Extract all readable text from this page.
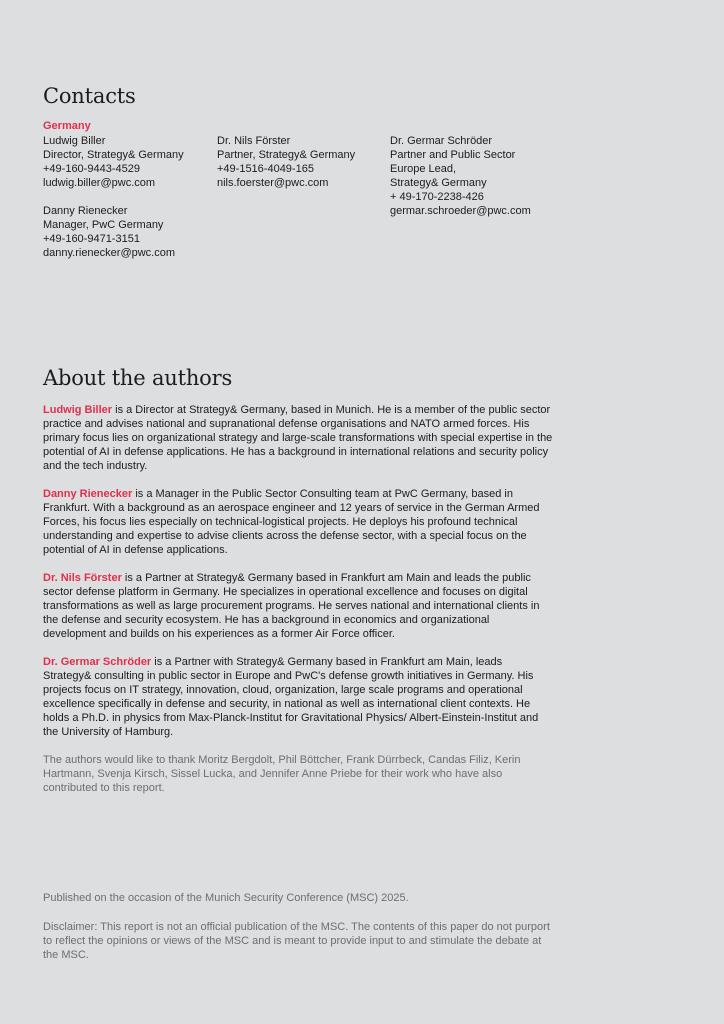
Contacts
Germany
Ludwig Biller
Director, Strategy& Germany
+49-160-9443-4529
ludwig.biller@pwc.com
Danny Rienecker
Manager, PwC Germany
+49-160-9471-3151
danny.rienecker@pwc.com
Dr. Nils Förster
Partner, Strategy& Germany
+49-1516-4049-165
nils.foerster@pwc.com
Dr. Germar Schröder
Partner and Public Sector
Europe Lead,
Strategy& Germany
+ 49-170-2238-426
germar.schroeder@pwc.com
About the authors

Ludwig Biller is a Director at Strategy& Germany, based in Munich. He is a member of the public sector practice and advises national and supranational defense organisations and NATO armed forces. His primary focus lies on organizational strategy and large-scale transformations with special expertise in the potential of AI in defense applications. He has a background in international relations and security policy and the tech industry.

Danny Rienecker is a Manager in the Public Sector Consulting team at PwC Germany, based in Frankfurt. With a background as an aerospace engineer and 12 years of service in the German Armed Forces, his focus lies especially on technical-logistical projects. He deploys his profound technical understanding and expertise to advise clients across the defense sector, with a special focus on the potential of AI in defense applications.

Dr. Nils Förster is a Partner at Strategy& Germany based in Frankfurt am Main and leads the public sector defense platform in Germany. He specializes in operational excellence and focuses on digital transformations as well as large procurement programs. He serves national and international clients in the defense and security ecosystem. He has a background in economics and organizational development and builds on his experiences as a former Air Force officer.

Dr. Germar Schröder is a Partner with Strategy& Germany based in Frankfurt am Main, leads Strategy& consulting in public sector in Europe and PwC's defense growth initiatives in Germany. His projects focus on IT strategy, innovation, cloud, organization, large scale programs and operational excellence specifically in defense and security, in national as well as international client contexts. He holds a Ph.D. in physics from Max-Planck-Institut for Gravitational Physics/ Albert-Einstein-Institut and the University of Hamburg.

The authors would like to thank Moritz Bergdolt, Phil Böttcher, Frank Dürrbeck, Candas Filiz, Kerin Hartmann, Svenja Kirsch, Sissel Lucka, and Jennifer Anne Priebe for their work who have also contributed to this report.

Published on the occasion of the Munich Security Conference (MSC) 2025.

Disclaimer: This report is not an official publication of the MSC. The contents of this paper do not purport to reflect the opinions or views of the MSC and is meant to provide input to and stimulate the debate at the MSC.
